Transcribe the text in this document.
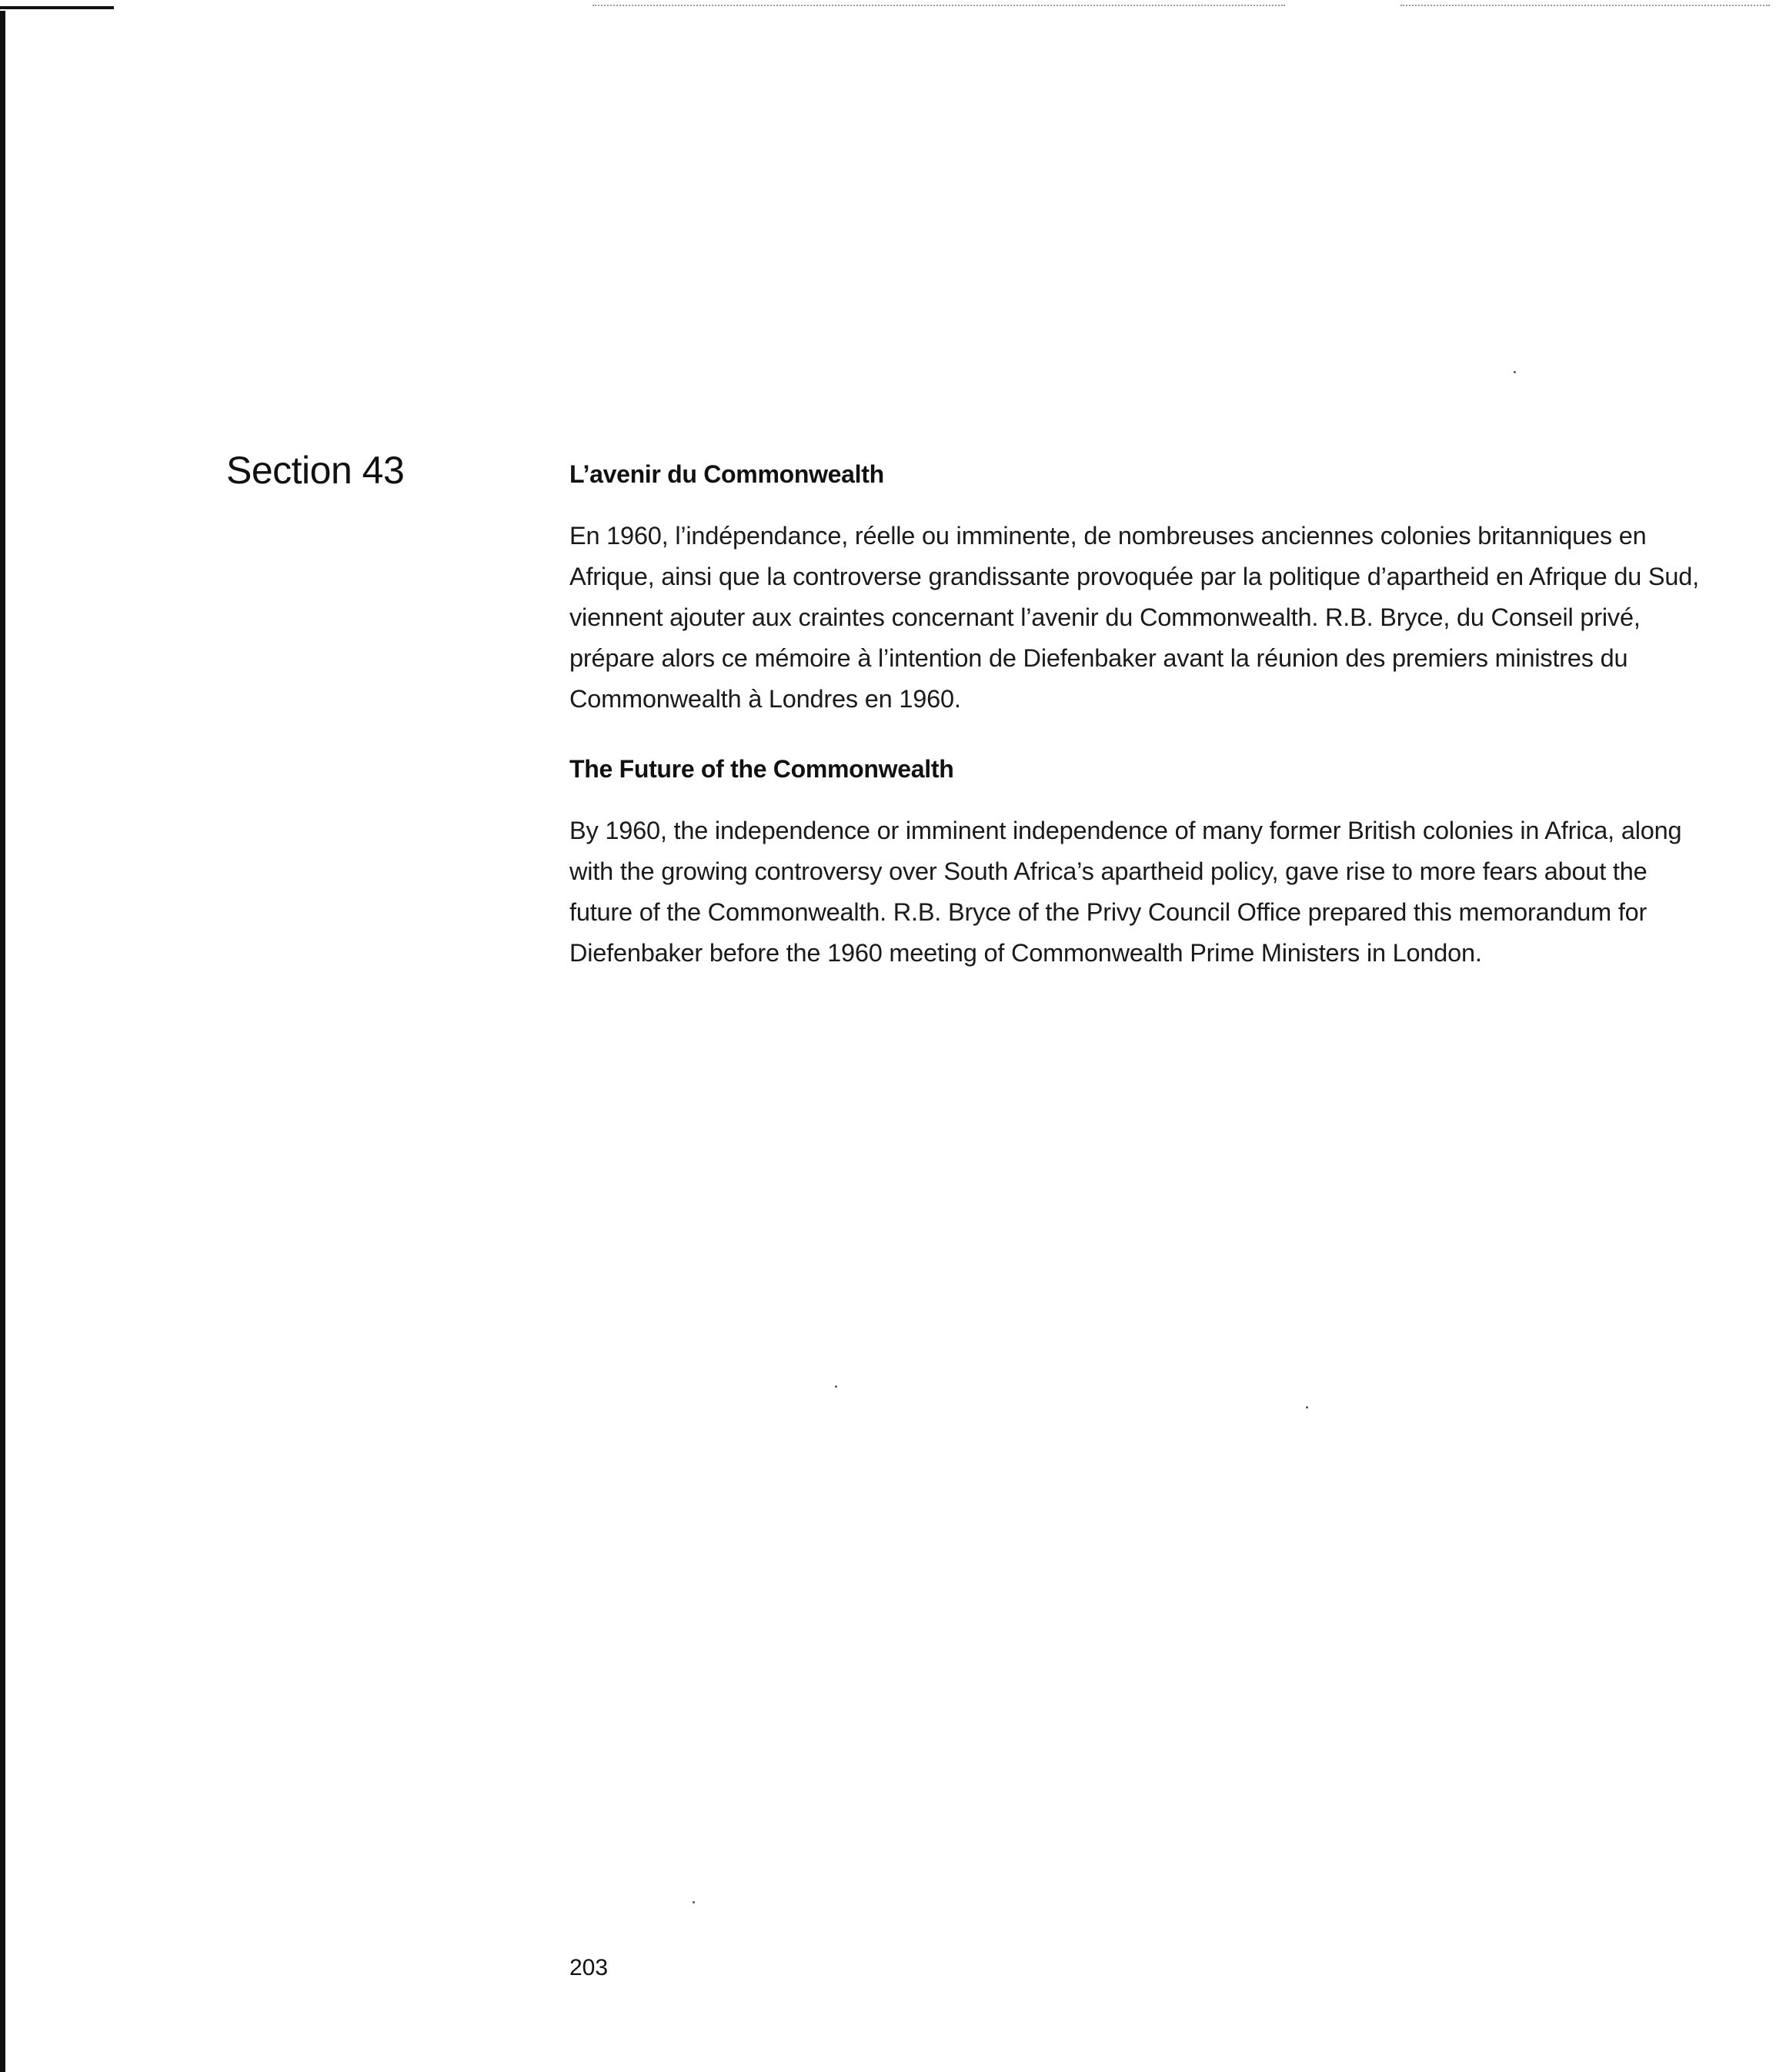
Section 43	L’avenir du Commonwealth

En 1960, l’indépendance, réelle ou imminente, de nombreuses anciennes colonies britanniques en Afrique, ainsi que la controverse grandissante provoquée par la politique d’apartheid en Afrique du Sud, viennent ajouter aux craintes concernant l’avenir du Commonwealth. R.B. Bryce, du Conseil privé, prépare alors ce mémoire à l’intention de Diefenbaker avant la réunion des premiers ministres du Commonwealth à Londres en 1960.

The Future of the Commonwealth

By 1960, the independence or imminent independence of many former British colonies in Africa, along with the growing controversy over South Africa’s apartheid policy, gave rise to more fears about the future of the Commonwealth. R.B. Bryce of the Privy Council Office prepared this memorandum for Diefenbaker before the 1960 meeting of Commonwealth Prime Ministers in London.

203
